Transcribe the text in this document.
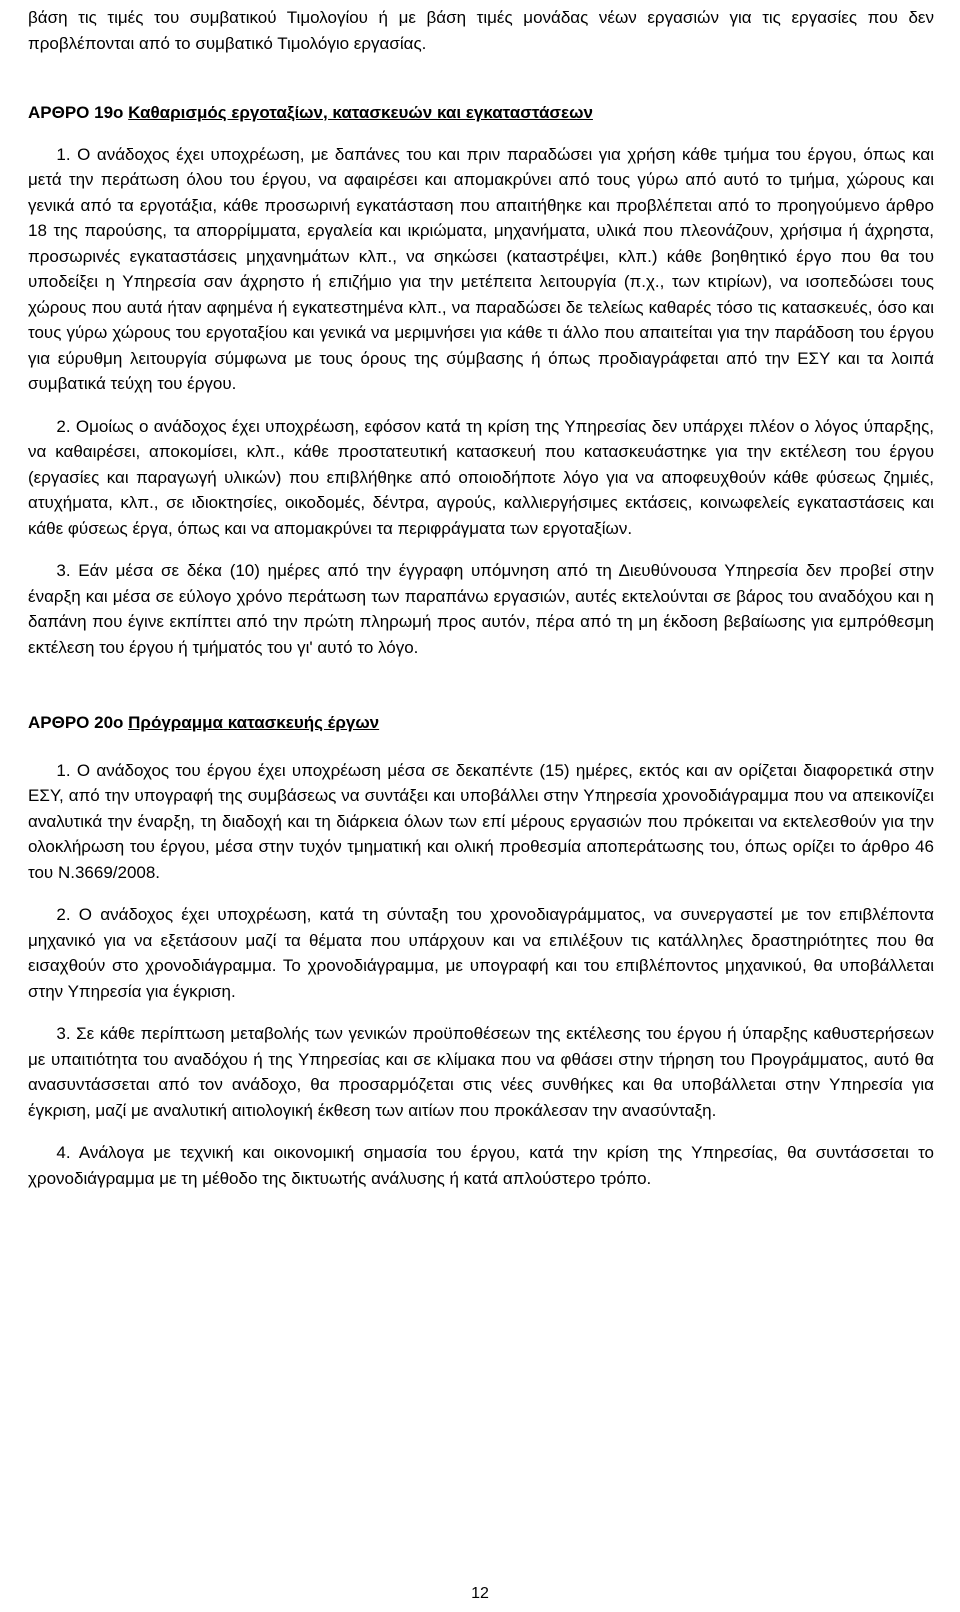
βάση τις τιμές του συμβατικού Τιμολογίου ή με βάση τιμές μονάδας νέων εργασιών για τις εργασίες που δεν προβλέπονται από το συμβατικό Τιμολόγιο εργασίας.

ΑΡΘΡΟ 19ο Καθαρισμός εργοταξίων, κατασκευών και εγκαταστάσεων

1. Ο ανάδοχος έχει υποχρέωση, με δαπάνες του και πριν παραδώσει για χρήση κάθε τμήμα του έργου, όπως και μετά την περάτωση όλου του έργου, να αφαιρέσει και απομακρύνει από τους γύρω από αυτό το τμήμα, χώρους και γενικά από τα εργοτάξια, κάθε προσωρινή εγκατάσταση που απαιτήθηκε και προβλέπεται από το προηγούμενο άρθρο 18 της παρούσης, τα απορρίμματα, εργαλεία και ικριώματα, μηχανήματα, υλικά που πλεονάζουν, χρήσιμα ή άχρηστα, προσωρινές εγκαταστάσεις μηχανημάτων κλπ., να σηκώσει (καταστρέψει, κλπ.) κάθε βοηθητικό έργο που θα του υποδείξει η Υπηρεσία σαν άχρηστο ή επιζήμιο για την μετέπειτα λειτουργία (π.χ., των κτιρίων), να ισοπεδώσει τους χώρους που αυτά ήταν αφημένα ή εγκατεστημένα κλπ., να παραδώσει δε τελείως καθαρές τόσο τις κατασκευές, όσο και τους γύρω χώρους του εργοταξίου και γενικά να μεριμνήσει για κάθε τι άλλο που απαιτείται για την παράδοση του έργου για εύρυθμη λειτουργία σύμφωνα με τους όρους της σύμβασης ή όπως προδιαγράφεται από την ΕΣΥ και τα λοιπά συμβατικά τεύχη του έργου.

2. Ομοίως ο ανάδοχος έχει υποχρέωση, εφόσον κατά τη κρίση της Υπηρεσίας δεν υπάρχει πλέον ο λόγος ύπαρξης, να καθαιρέσει, αποκομίσει, κλπ., κάθε προστατευτική κατασκευή που κατασκευάστηκε για την εκτέλεση του έργου (εργασίες και παραγωγή υλικών) που επιβλήθηκε από οποιοδήποτε λόγο για να αποφευχθούν κάθε φύσεως ζημιές, ατυχήματα, κλπ., σε ιδιοκτησίες, οικοδομές, δέντρα, αγρούς, καλλιεργήσιμες εκτάσεις, κοινωφελείς εγκαταστάσεις και κάθε φύσεως έργα, όπως και να απομακρύνει τα περιφράγματα των εργοταξίων.

3. Εάν μέσα σε δέκα (10) ημέρες από την έγγραφη υπόμνηση από τη Διευθύνουσα Υπηρεσία δεν προβεί στην έναρξη και μέσα σε εύλογο χρόνο περάτωση των παραπάνω εργασιών, αυτές εκτελούνται σε βάρος του αναδόχου και η δαπάνη που έγινε εκπίπτει από την πρώτη πληρωμή προς αυτόν, πέρα από τη μη έκδοση βεβαίωσης για εμπρόθεσμη εκτέλεση του έργου ή τμήματός του γι' αυτό το λόγο.

ΑΡΘΡΟ 20ο Πρόγραμμα κατασκευής έργων

1. Ο ανάδοχος του έργου έχει υποχρέωση μέσα σε δεκαπέντε (15) ημέρες, εκτός και αν ορίζεται διαφορετικά στην ΕΣΥ, από την υπογραφή της συμβάσεως να συντάξει και υποβάλλει στην Υπηρεσία χρονοδιάγραμμα που να απεικονίζει αναλυτικά την έναρξη, τη διαδοχή και τη διάρκεια όλων των επί μέρους εργασιών που πρόκειται να εκτελεσθούν για την ολοκλήρωση του έργου, μέσα στην τυχόν τμηματική και ολική προθεσμία αποπεράτωσης του, όπως ορίζει το άρθρο 46 του Ν.3669/2008.

2. Ο ανάδοχος έχει υποχρέωση, κατά τη σύνταξη του χρονοδιαγράμματος, να συνεργαστεί με τον επιβλέποντα μηχανικό για να εξετάσουν μαζί τα θέματα που υπάρχουν και να επιλέξουν τις κατάλληλες δραστηριότητες που θα εισαχθούν στο χρονοδιάγραμμα. Το χρονοδιάγραμμα, με υπογραφή και του επιβλέποντος μηχανικού, θα υποβάλλεται στην Υπηρεσία για έγκριση.

3. Σε κάθε περίπτωση μεταβολής των γενικών προϋποθέσεων της εκτέλεσης του έργου ή ύπαρξης καθυστερήσεων με υπαιτιότητα του αναδόχου ή της Υπηρεσίας και σε κλίμακα που να φθάσει στην τήρηση του Προγράμματος, αυτό θα ανασυντάσσεται από τον ανάδοχο, θα προσαρμόζεται στις νέες συνθήκες και θα υποβάλλεται στην Υπηρεσία για έγκριση, μαζί με αναλυτική αιτιολογική έκθεση των αιτίων που προκάλεσαν την ανασύνταξη.

4. Ανάλογα με τεχνική και οικονομική σημασία του έργου, κατά την κρίση της Υπηρεσίας, θα συντάσσεται το χρονοδιάγραμμα με τη μέθοδο της δικτυωτής ανάλυσης ή κατά απλούστερο τρόπο.

12
